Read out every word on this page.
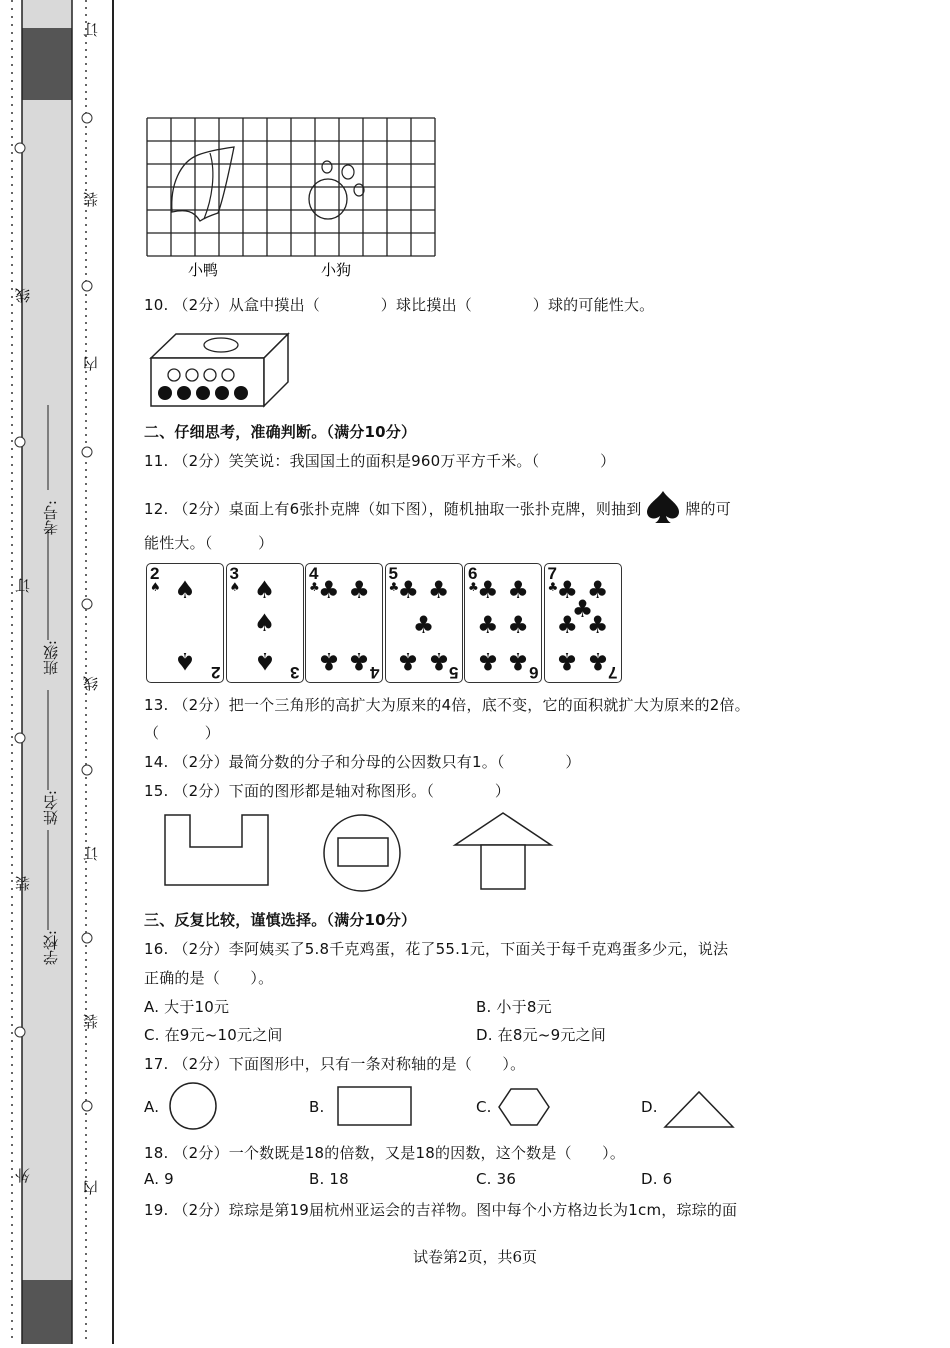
外
装
订
线
内
装
订
线
内
装
订
学校:
姓名:
班级:
考号:
小鸭	小狗
10. （2分）从盒中摸出（　　　　）球比摸出（　　　　）球的可能性大。
二、仔细思考，准确判断。（满分10分）
11. （2分）笑笑说：我国国土的面积是960万平方千米。（　　　　）
12. （2分）桌面上有6张扑克牌（如下图），随机抽取一张扑克牌，则抽到	牌的可
能性大。（　　　）
2
♠
2
♠
♠
3
♠
3
♠
♠
♠
4
♣
4
♣ ♣
♣ ♣
5
♣
5
♣ ♣
♣
♣ ♣
6
♣
6
♣ ♣
♣ ♣
♣ ♣
7
♣
7
♣ ♣
♣
♣ ♣
♣ ♣
13. （2分）把一个三角形的高扩大为原来的4倍，底不变，它的面积就扩大为原来的2倍。
（　　　）
14. （2分）最简分数的分子和分母的公因数只有1。（　　　　）
15. （2分）下面的图形都是轴对称图形。（　　　　）
三、反复比较，谨慎选择。（满分10分）
16. （2分）李阿姨买了5.8千克鸡蛋，花了55.1元，下面关于每千克鸡蛋多少元，说法
正确的是（　　）。
A. 大于10元	B. 小于8元
C. 在9元~10元之间	D. 在8元~9元之间
17. （2分）下面图形中，只有一条对称轴的是（　　）。
A.	B.	C.	D.
18. （2分）一个数既是18的倍数，又是18的因数，这个数是（　　）。
A. 9	B. 18	C. 36	D. 6
19. （2分）琮琮是第19届杭州亚运会的吉祥物。图中每个小方格边长为1cm，琮琮的面
试卷第2页，共6页
